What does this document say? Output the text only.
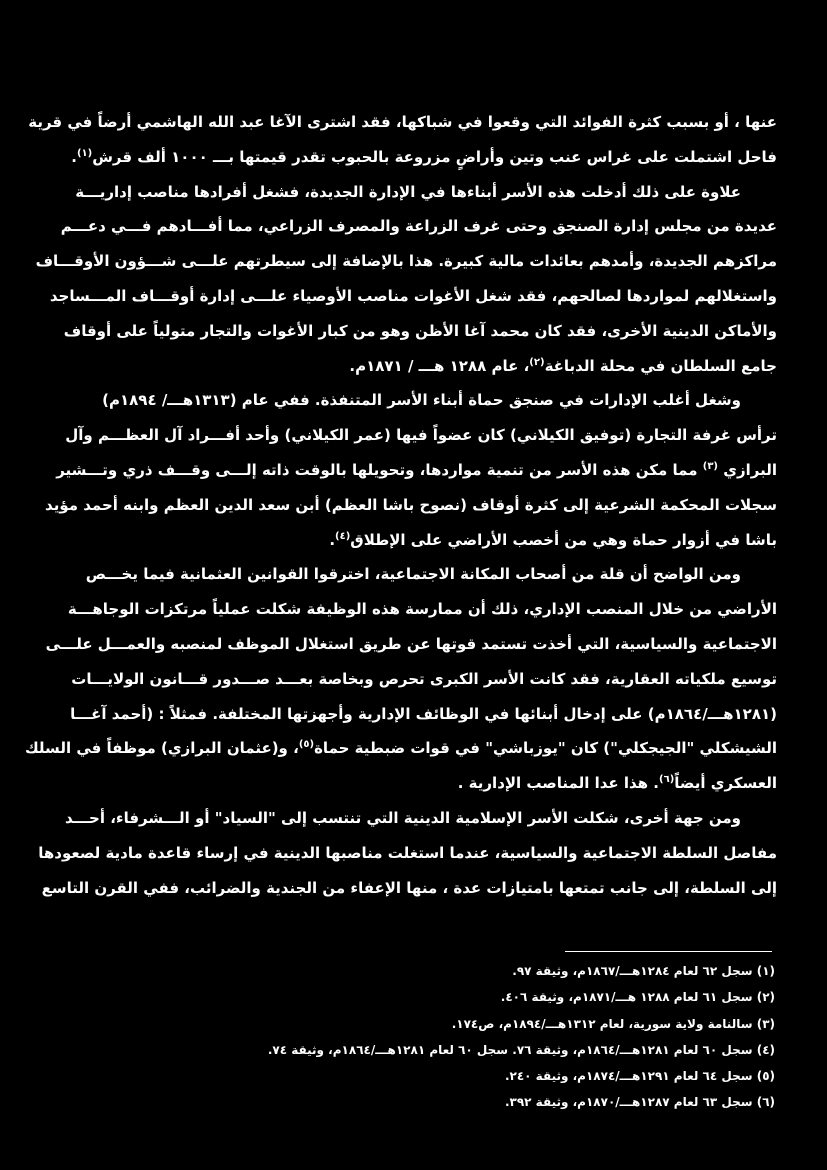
عنها ، أو بسبب كثرة الفوائد التي وقعوا في شباكها، فقد اشترى الآغا عبد الله الهاشمي أرضاً في قرية
فاحل اشتملت على غراس عنب وتين وأراضٍ مزروعة بالحبوب تقدر قيمتها بـــ ١٠٠٠ ألف قرش$^{(١)}$.
علاوة على ذلك أدخلت هذه الأسر أبناءها في الإدارة الجديدة، فشغل أفرادها مناصب إداريـــة
عديدة من مجلس إدارة الصنجق وحتى غرف الزراعة والمصرف الزراعي، مما أفـــادهم فـــي دعـــم
مراكزهم الجديدة، وأمدهم بعائدات مالية كبيرة. هذا بالإضافة إلى سيطرتهم علـــى شـــؤون الأوقـــاف
واستغلالهم لمواردها لصالحهم، فقد شغل الأغوات مناصب الأوصياء علـــى إدارة أوقـــاف المـــساجد
والأماكن الدينية الأخرى، فقد كان محمد آغا الأظن وهو من كبار الأغوات والتجار متولياً على أوقاف
جامع السلطان في محلة الدباغة$^{(٢)}$، عام ١٢٨٨ هـــ / ١٨٧١م.
وشغل أغلب الإدارات في صنجق حماة أبناء الأسر المتنفذة. ففي عام (١٣١٣هـــ/ ١٨٩٤م)
ترأس غرفة التجارة (توفيق الكيلاني) كان عضواً فيها (عمر الكيلاني) وأحد أفـــراد آل العظـــم وآل
البرازي $^{(٣)}$ مما مكن هذه الأسر من تنمية مواردها، وتحويلها بالوقت ذاته إلـــى وقـــف ذري وتـــشير
سجلات المحكمة الشرعية إلى كثرة أوقاف (نصوح باشا العظم) أبن سعد الدين العظم وابنه أحمد مؤيد
باشا في أزوار حماة وهي من أخصب الأراضي على الإطلاق$^{(٤)}$.
ومن الواضح أن قلة من أصحاب المكانة الاجتماعية، اخترقوا القوانين العثمانية فيما يخـــص
الأراضي من خلال المنصب الإداري، ذلك أن ممارسة هذه الوظيفة شكلت عملياً مرتكزات الوجاهـــة
الاجتماعية والسياسية، التي أخذت تستمد قوتها عن طريق استغلال الموظف لمنصبه والعمـــل علـــى
توسيع ملكياته العقارية، فقد كانت الأسر الكبرى تحرص وبخاصة بعـــد صـــدور قـــانون الولايـــات
(١٢٨١هـــ/١٨٦٤م) على إدخال أبنائها في الوظائف الإدارية وأجهزتها المختلفة. فمثلاً : (أحمد آغـــا
الشيشكلي "الجيجكلي") كان "يوزباشي" في قوات ضبطية حماة$^{(٥)}$، و(عثمان البرازي) موظفاً في السلك
العسكري أيضاً$^{(٦)}$. هذا عدا المناصب الإدارية .
ومن جهة أخرى، شكلت الأسر الإسلامية الدينية التي تنتسب إلى "السياد" أو الـــشرفاء، أحـــد
مفاصل السلطة الاجتماعية والسياسية، عندما استغلت مناصبها الدينية في إرساء قاعدة مادية لصعودها
إلى السلطة، إلى جانب تمتعها بامتيازات عدة ، منها الإعفاء من الجندية والضرائب، ففي القرن التاسع
(١) سجل ٦٢ لعام ١٢٨٤هـــ/١٨٦٧م، وثيقة ٩٧.
(٢) سجل ٦١ لعام ١٢٨٨ هـــ/١٨٧١م، وثيقة ٤٠٦.
(٣) سالنامة ولاية سورية، لعام ١٣١٢هـــ/١٨٩٤م، ص١٧٤.
(٤) سجل ٦٠ لعام ١٢٨١هـــ/١٨٦٤م، وثيقة ٧٦. سجل ٦٠ لعام ١٢٨١هـــ/١٨٦٤م، وثيقة ٧٤.
(٥) سجل ٦٤ لعام ١٢٩١هـــ/١٨٧٤م، وثيقة ٢٤٠.
(٦) سجل ٦٣ لعام ١٢٨٧هـــ/١٨٧٠م، وثيقة ٣٩٢.
